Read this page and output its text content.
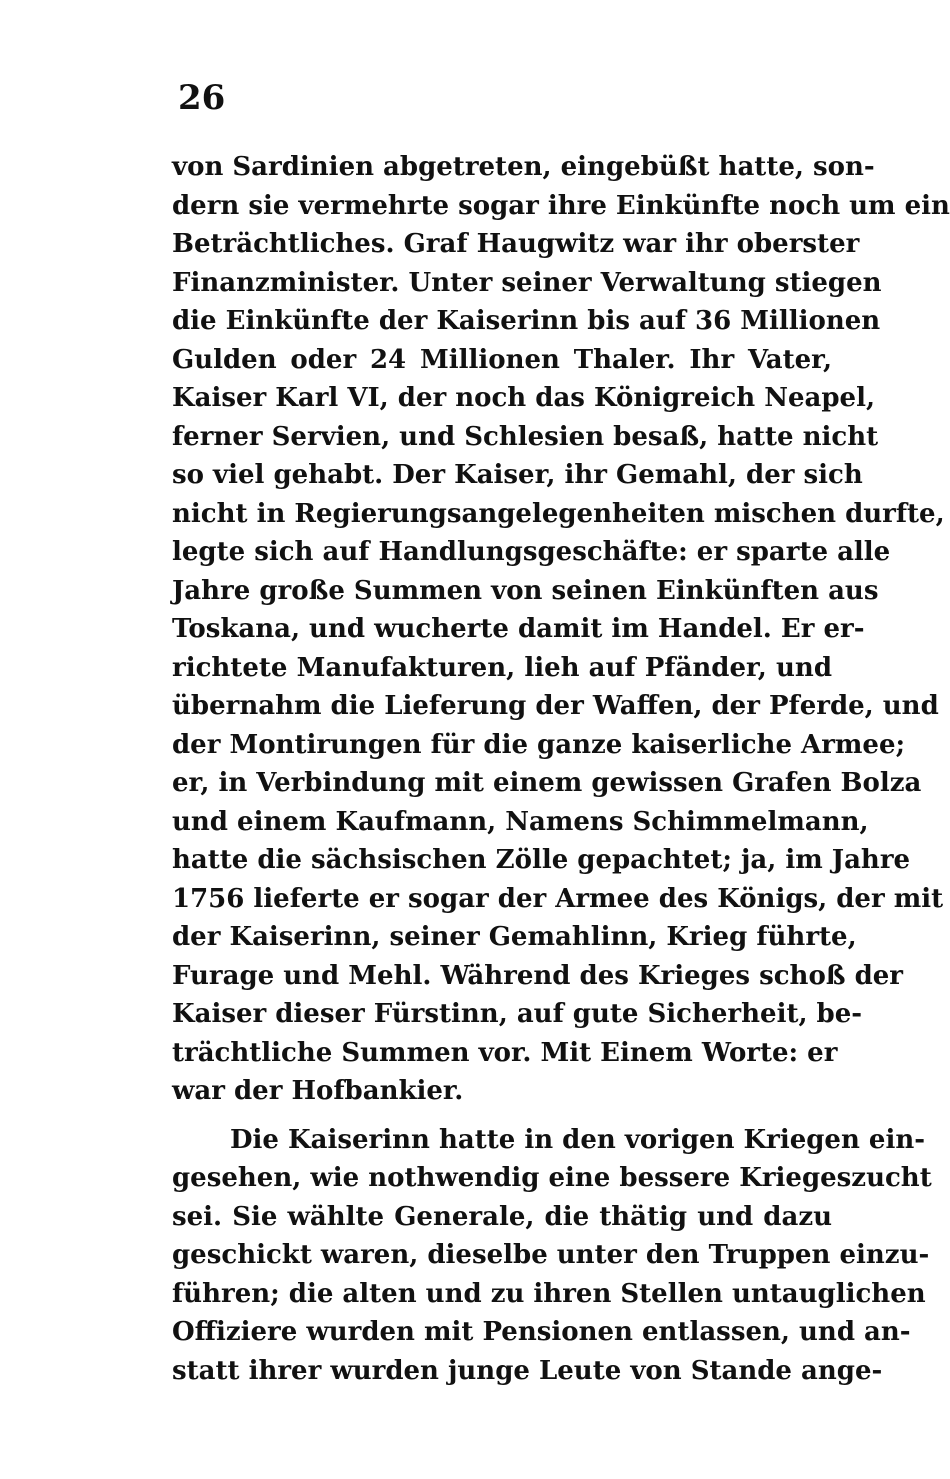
26
von Sardinien abgetreten, eingebüßt hatte, son-
dern sie vermehrte sogar ihre Einkünfte noch um ein
Beträchtliches. Graf Haugwitz war ihr oberster
Finanzminister. Unter seiner Verwaltung stiegen
die Einkünfte der Kaiserinn bis auf 36 Millionen
Gulden oder 24 Millionen Thaler. Ihr Vater,
Kaiser Karl VI, der noch das Königreich Neapel,
ferner Servien, und Schlesien besaß, hatte nicht
so viel gehabt. Der Kaiser, ihr Gemahl, der sich
nicht in Regierungsangelegenheiten mischen durfte,
legte sich auf Handlungsgeschäfte: er sparte alle
Jahre große Summen von seinen Einkünften aus
Toskana, und wucherte damit im Handel. Er er-
richtete Manufakturen, lieh auf Pfänder, und
übernahm die Lieferung der Waffen, der Pferde, und
der Montirungen für die ganze kaiserliche Armee;
er, in Verbindung mit einem gewissen Grafen Bolza
und einem Kaufmann, Namens Schimmelmann,
hatte die sächsischen Zölle gepachtet; ja, im Jahre
1756 lieferte er sogar der Armee des Königs, der mit
der Kaiserinn, seiner Gemahlinn, Krieg führte,
Furage und Mehl. Während des Krieges schoß der
Kaiser dieser Fürstinn, auf gute Sicherheit, be-
trächtliche Summen vor. Mit Einem Worte: er
war der Hofbankier.
Die Kaiserinn hatte in den vorigen Kriegen ein-
gesehen, wie nothwendig eine bessere Kriegeszucht
sei. Sie wählte Generale, die thätig und dazu
geschickt waren, dieselbe unter den Truppen einzu-
führen; die alten und zu ihren Stellen untauglichen
Offiziere wurden mit Pensionen entlassen, und an-
statt ihrer wurden junge Leute von Stande ange-
